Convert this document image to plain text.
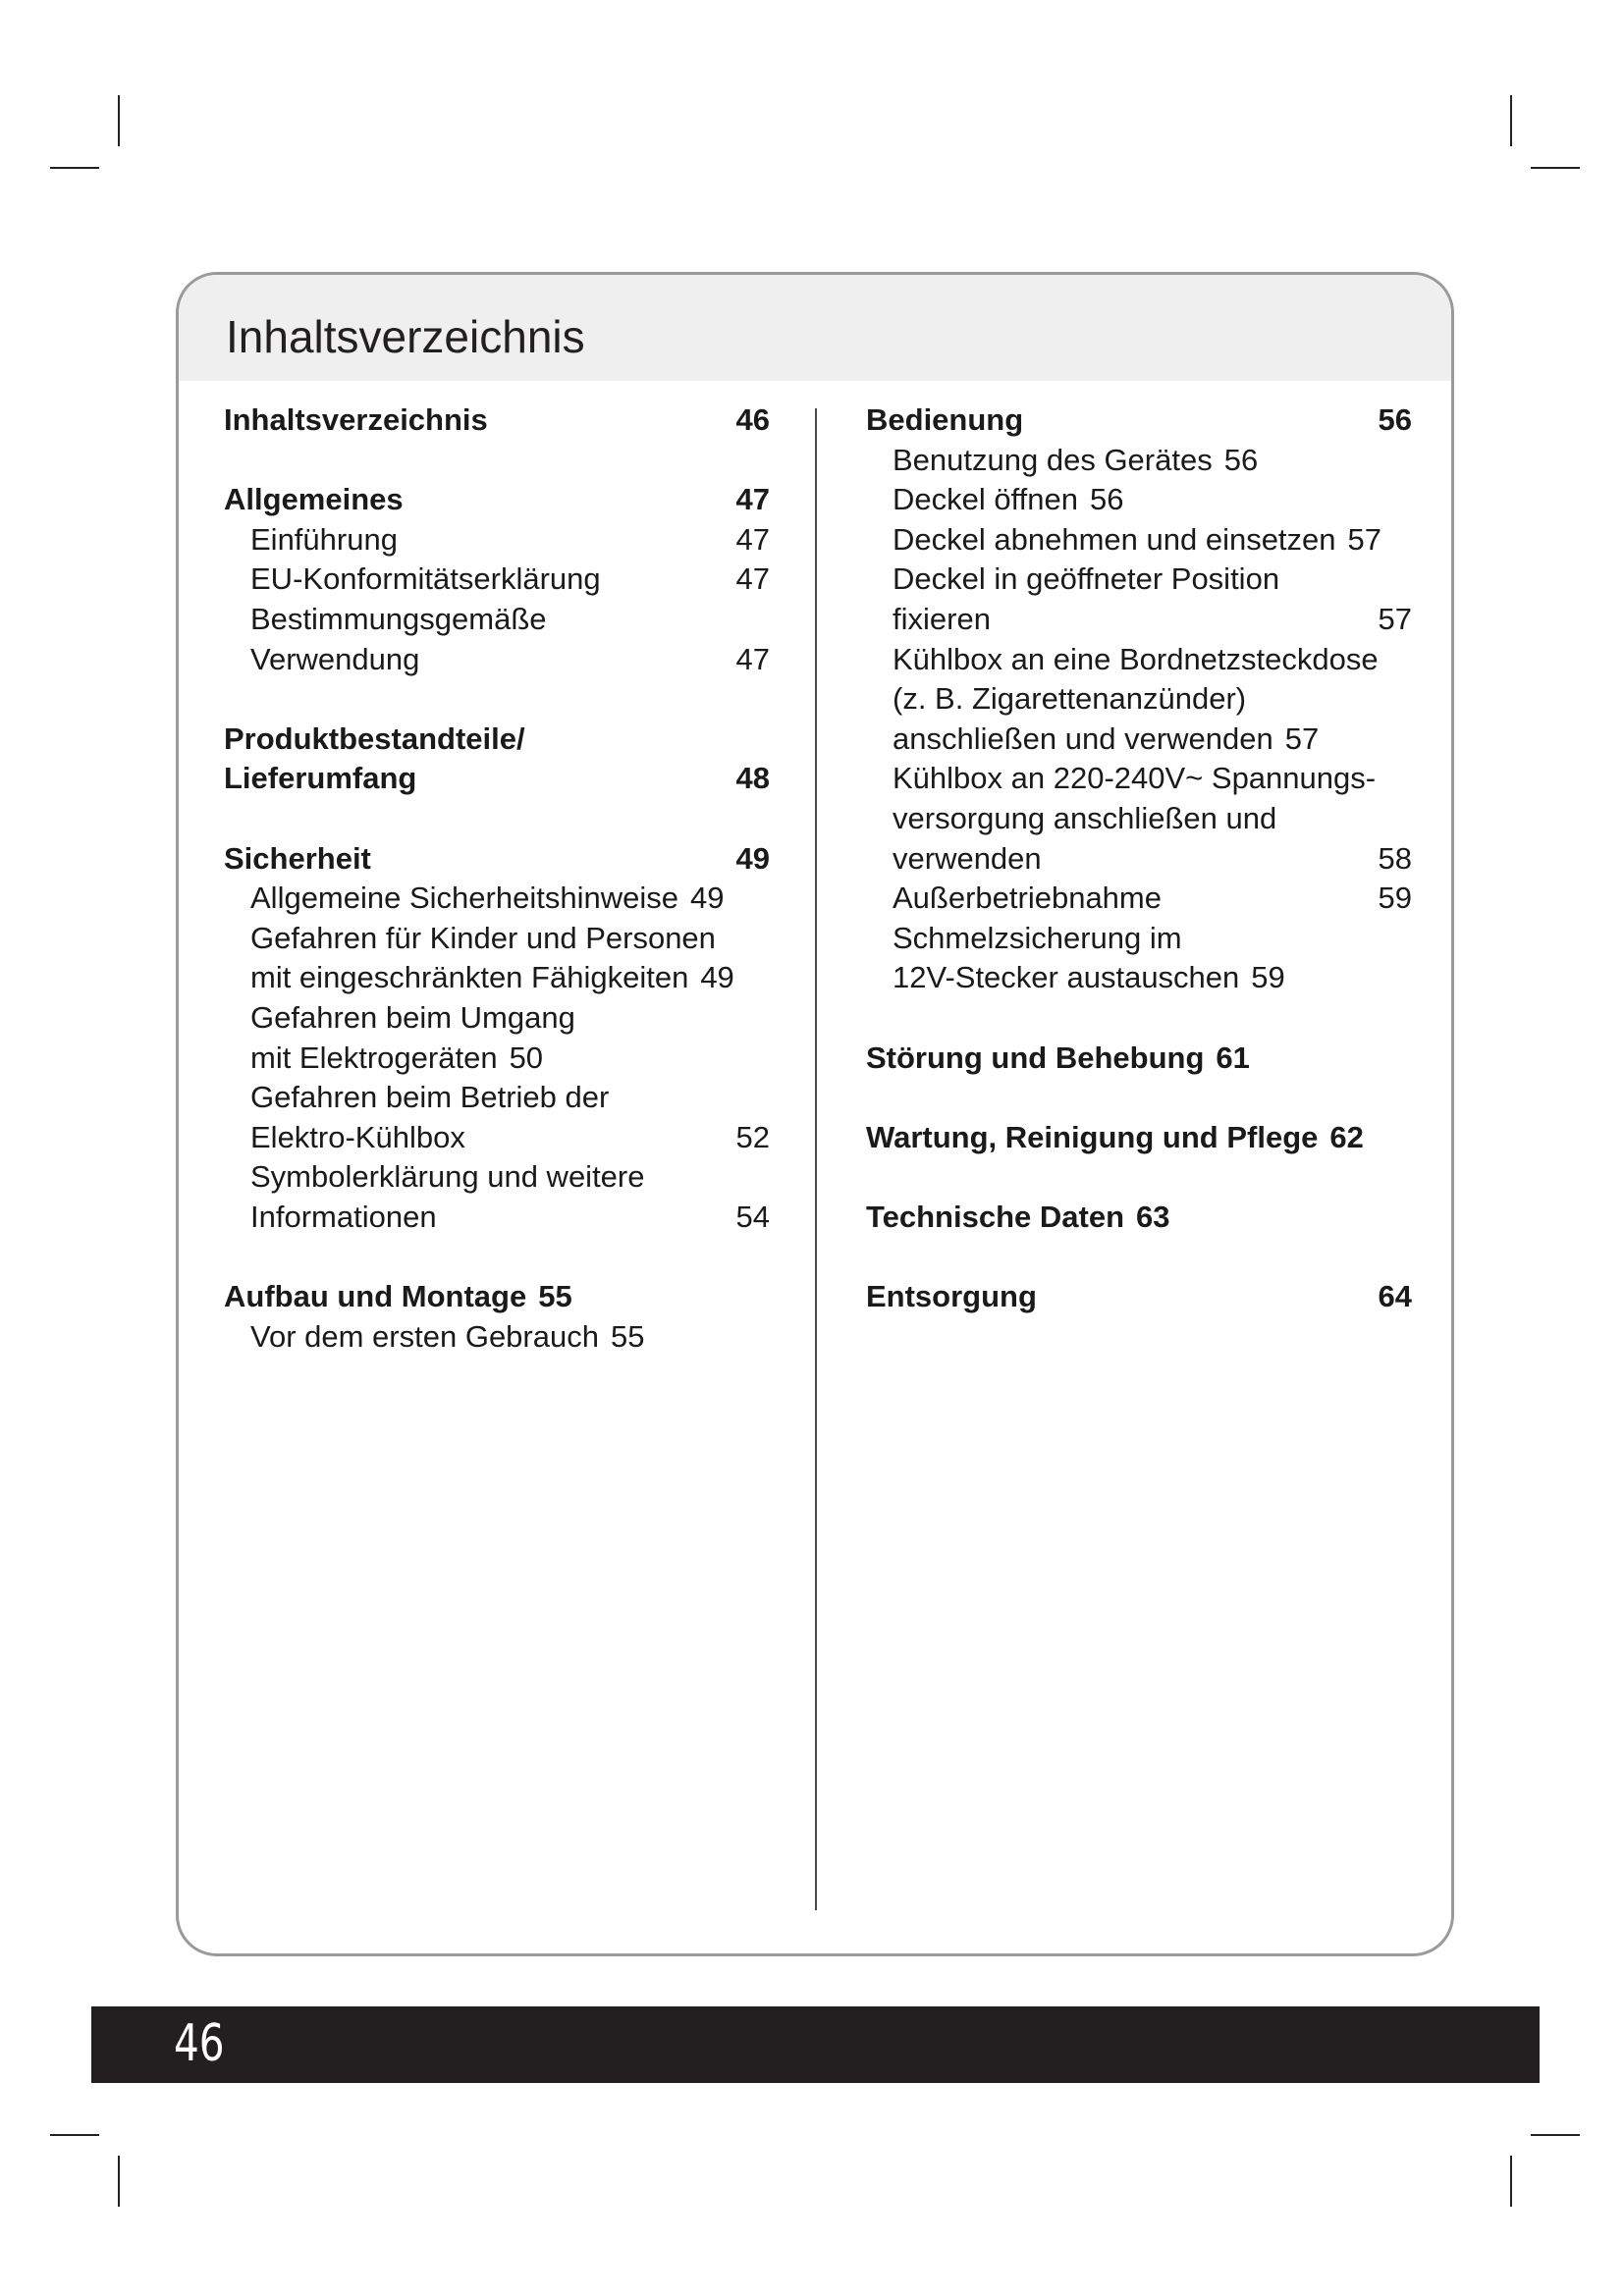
Inhaltsverzeichnis
Inhaltsverzeichnis	46
Allgemeines	47
Einführung	47
EU-Konformitätserklärung	47
Bestimmungsgemäße
Verwendung	47
Produktbestandteile/
Lieferumfang	48
Sicherheit	49
Allgemeine Sicherheitshinweise 49
Gefahren für Kinder und Personen
mit eingeschränkten Fähigkeiten 49
Gefahren beim Umgang
mit Elektrogeräten 50
Gefahren beim Betrieb der
Elektro-Kühlbox	52
Symbolerklärung und weitere
Informationen	54
Aufbau und Montage 55
Vor dem ersten Gebrauch 55
Bedienung	56
Benutzung des Gerätes 56
Deckel öffnen 56
Deckel abnehmen und einsetzen 57
Deckel in geöffneter Position
fixieren	57
Kühlbox an eine Bordnetzsteckdose
(z. B. Zigarettenanzünder)
anschließen und verwenden 57
Kühlbox an 220-240V~ Spannungs-
versorgung anschließen und
verwenden	58
Außerbetriebnahme	59
Schmelzsicherung im
12V-Stecker austauschen 59
Störung und Behebung 61
Wartung, Reinigung und Pflege 62
Technische Daten 63
Entsorgung	64
46
